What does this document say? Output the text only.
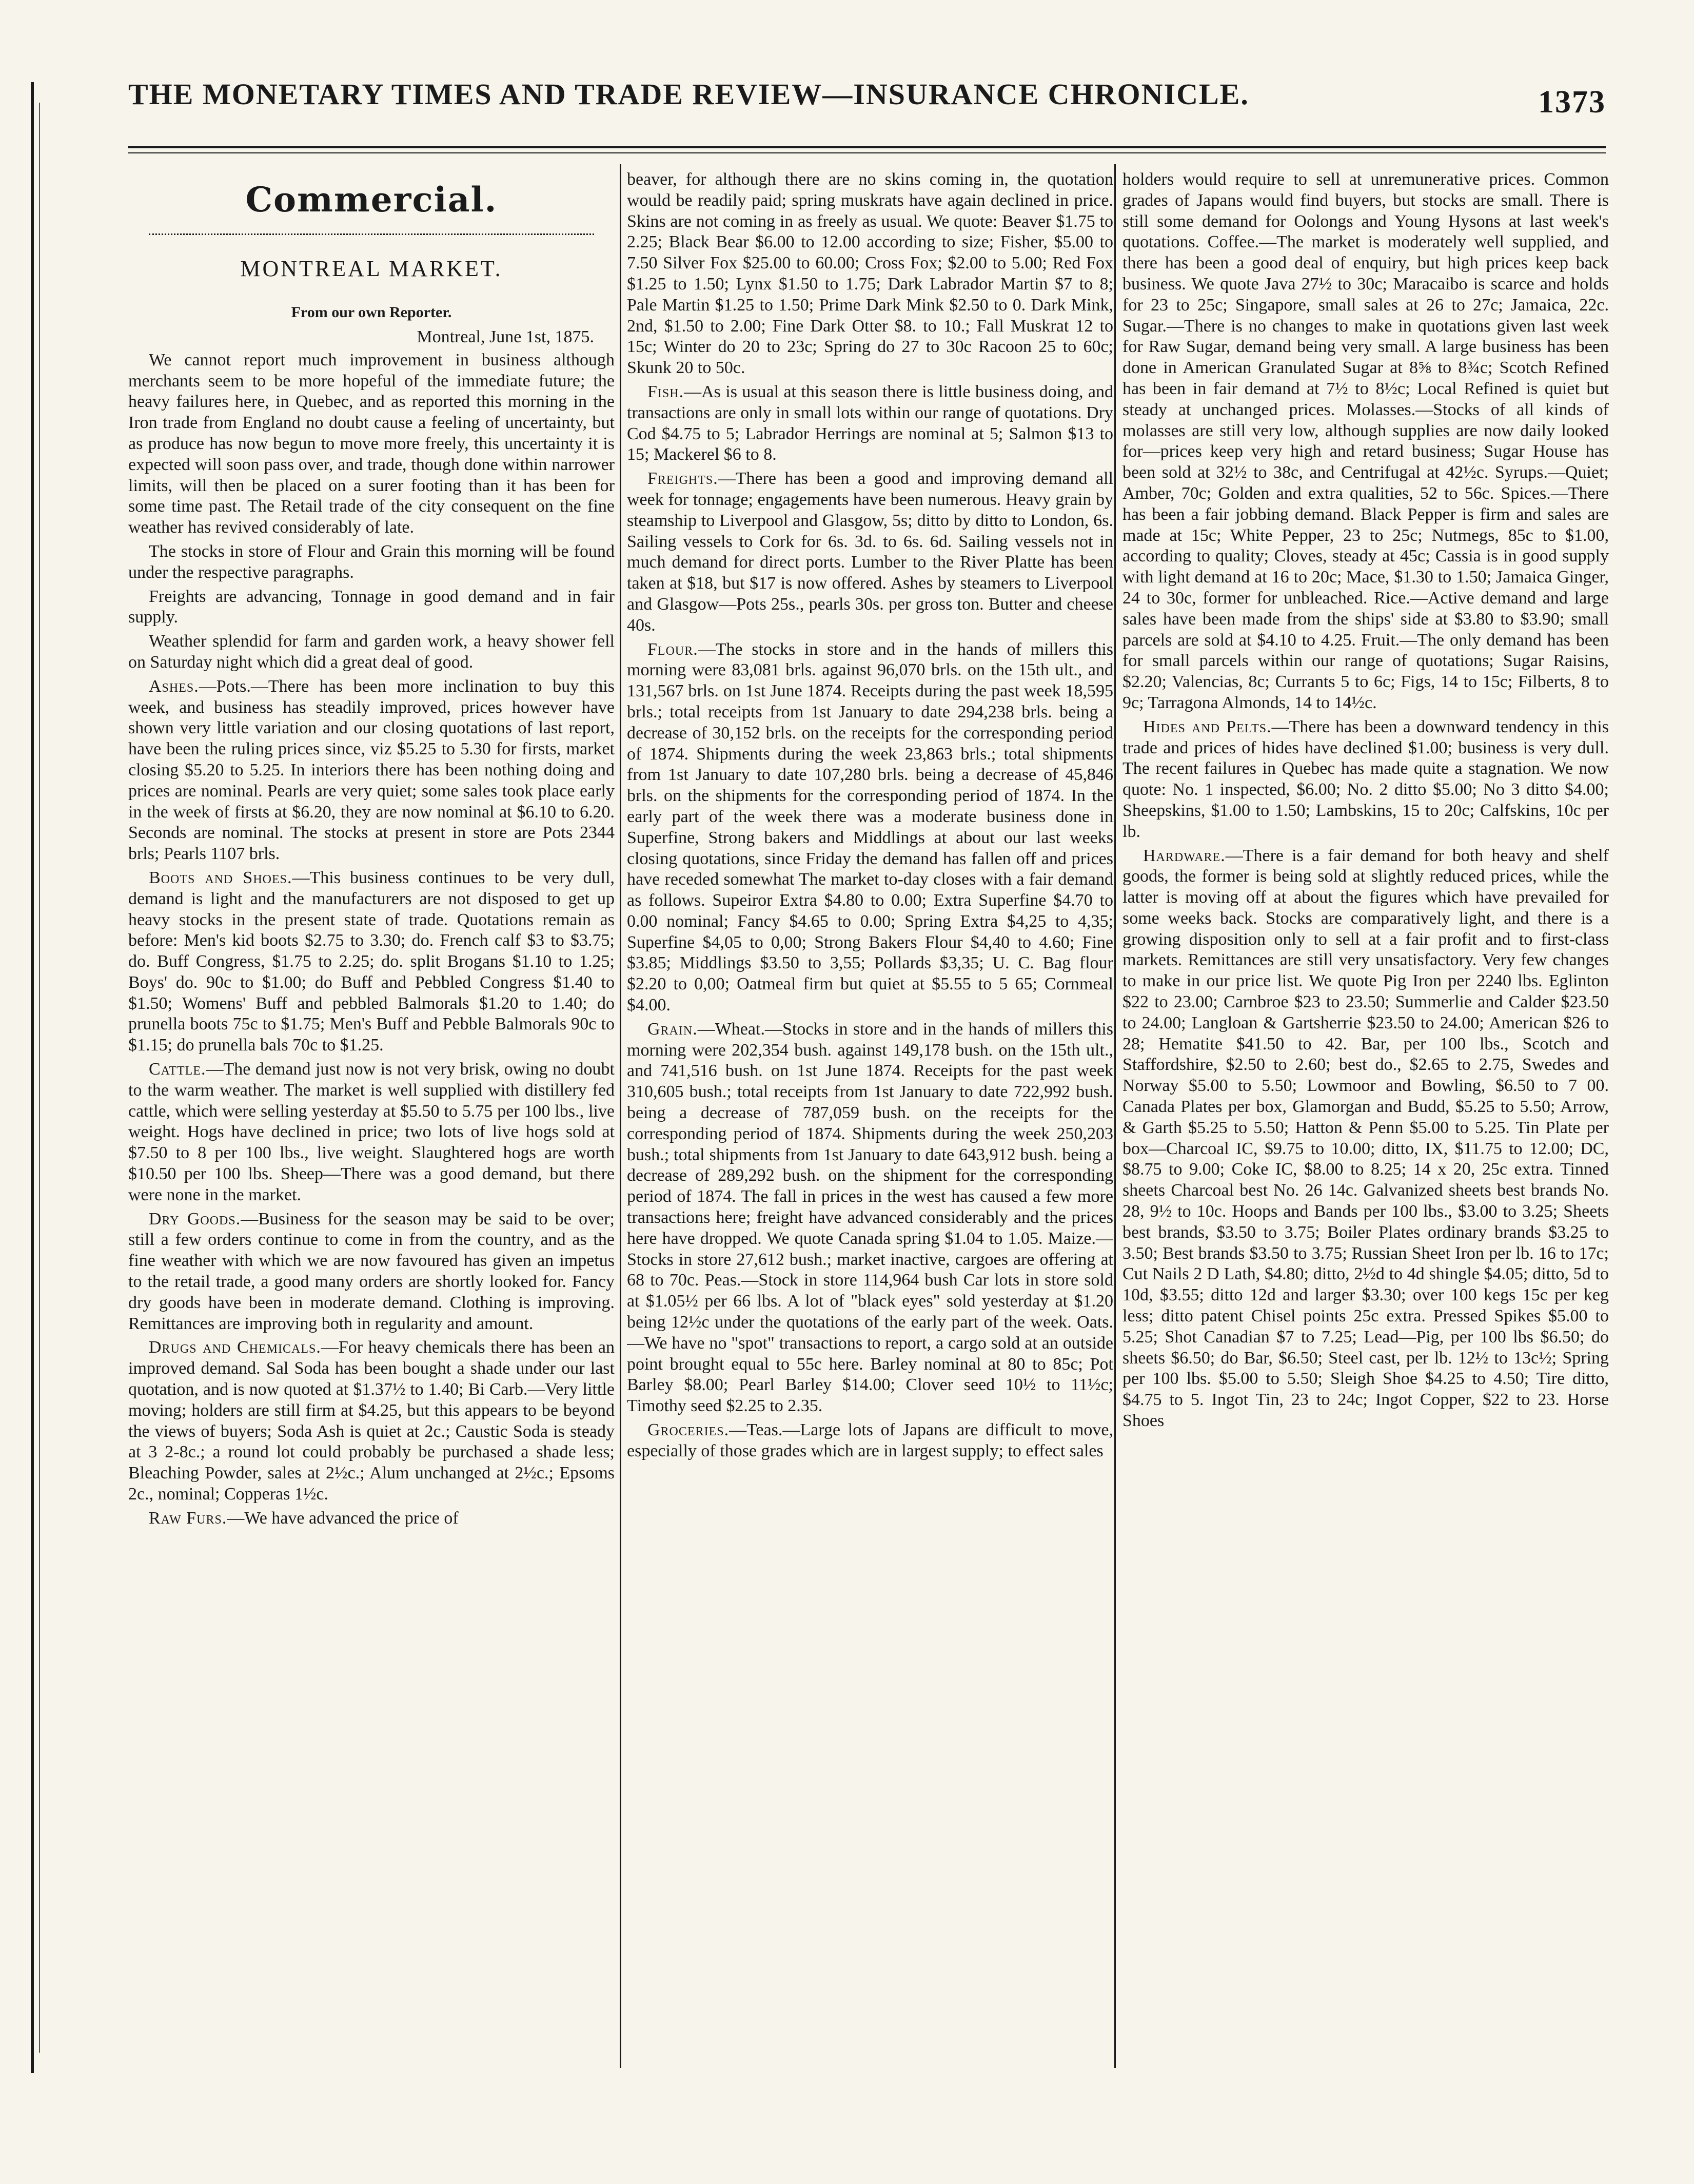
THE MONETARY TIMES AND TRADE REVIEW—INSURANCE CHRONICLE.	1373
Commercial.
MONTREAL MARKET.
From our own Reporter.
Montreal, June 1st, 1875.

We cannot report much improvement in business although merchants seem to be more hopeful of the immediate future; the heavy failures here, in Quebec, and as reported this morning in the Iron trade from England no doubt cause a feeling of uncertainty, but as produce has now begun to move more freely, this uncertainty it is expected will soon pass over, and trade, though done within narrower limits, will then be placed on a surer footing than it has been for some time past. The Retail trade of the city consequent on the fine weather has revived considerably of late.

The stocks in store of Flour and Grain this morning will be found under the respective paragraphs.

Freights are advancing, Tonnage in good demand and in fair supply.

Weather splendid for farm and garden work, a heavy shower fell on Saturday night which did a great deal of good.

Ashes.—Pots.—There has been more inclination to buy this week, and business has steadily improved, prices however have shown very little variation and our closing quotations of last report, have been the ruling prices since, viz $5.25 to 5.30 for firsts, market closing $5.20 to 5.25. In interiors there has been nothing doing and prices are nominal. Pearls are very quiet; some sales took place early in the week of firsts at $6.20, they are now nominal at $6.10 to 6.20. Seconds are nominal. The stocks at present in store are Pots 2344 brls; Pearls 1107 brls.

Boots and Shoes.—This business continues to be very dull, demand is light and the manufacturers are not disposed to get up heavy stocks in the present state of trade. Quotations remain as before: Men's kid boots $2.75 to 3.30; do. French calf $3 to $3.75; do. Buff Congress, $1.75 to 2.25; do. split Brogans $1.10 to 1.25; Boys' do. 90c to $1.00; do Buff and Pebbled Congress $1.40 to $1.50; Womens' Buff and pebbled Balmorals $1.20 to 1.40; do prunella boots 75c to $1.75; Men's Buff and Pebble Balmorals 90c to $1.15; do prunella bals 70c to $1.25.

Cattle.—The demand just now is not very brisk, owing no doubt to the warm weather. The market is well supplied with distillery fed cattle, which were selling yesterday at $5.50 to 5.75 per 100 lbs., live weight. Hogs have declined in price; two lots of live hogs sold at $7.50 to 8 per 100 lbs., live weight. Slaughtered hogs are worth $10.50 per 100 lbs. Sheep—There was a good demand, but there were none in the market.

Dry Goods.—Business for the season may be said to be over; still a few orders continue to come in from the country, and as the fine weather with which we are now favoured has given an impetus to the retail trade, a good many orders are shortly looked for. Fancy dry goods have been in moderate demand. Clothing is improving. Remittances are improving both in regularity and amount.

Drugs and Chemicals.—For heavy chemicals there has been an improved demand. Sal Soda has been bought a shade under our last quotation, and is now quoted at $1.37½ to 1.40; Bi Carb.—Very little moving; holders are still firm at $4.25, but this appears to be beyond the views of buyers; Soda Ash is quiet at 2c.; Caustic Soda is steady at 3 2-8c.; a round lot could probably be purchased a shade less; Bleaching Powder, sales at 2½c.; Alum unchanged at 2½c.; Epsoms 2c., nominal; Copperas 1½c.

Raw Furs.—We have advanced the price of

beaver, for although there are no skins coming in, the quotation would be readily paid; spring muskrats have again declined in price. Skins are not coming in as freely as usual. We quote: Beaver $1.75 to 2.25; Black Bear $6.00 to 12.00 according to size; Fisher, $5.00 to 7.50 Silver Fox $25.00 to 60.00; Cross Fox; $2.00 to 5.00; Red Fox $1.25 to 1.50; Lynx $1.50 to 1.75; Dark Labrador Martin $7 to 8; Pale Martin $1.25 to 1.50; Prime Dark Mink $2.50 to 0. Dark Mink, 2nd, $1.50 to 2.00; Fine Dark Otter $8. to 10.; Fall Muskrat 12 to 15c; Winter do 20 to 23c; Spring do 27 to 30c Racoon 25 to 60c; Skunk 20 to 50c.

Fish.—As is usual at this season there is little business doing, and transactions are only in small lots within our range of quotations. Dry Cod $4.75 to 5; Labrador Herrings are nominal at 5; Salmon $13 to 15; Mackerel $6 to 8.

Freights.—There has been a good and improving demand all week for tonnage; engagements have been numerous. Heavy grain by steamship to Liverpool and Glasgow, 5s; ditto by ditto to London, 6s. Sailing vessels to Cork for 6s. 3d. to 6s. 6d. Sailing vessels not in much demand for direct ports. Lumber to the River Platte has been taken at $18, but $17 is now offered. Ashes by steamers to Liverpool and Glasgow—Pots 25s., pearls 30s. per gross ton. Butter and cheese 40s.

Flour.—The stocks in store and in the hands of millers this morning were 83,081 brls. against 96,070 brls. on the 15th ult., and 131,567 brls. on 1st June 1874. Receipts during the past week 18,595 brls.; total receipts from 1st January to date 294,238 brls. being a decrease of 30,152 brls. on the receipts for the corresponding period of 1874. Shipments during the week 23,863 brls.; total shipments from 1st January to date 107,280 brls. being a decrease of 45,846 brls. on the shipments for the corresponding period of 1874. In the early part of the week there was a moderate business done in Superfine, Strong bakers and Middlings at about our last weeks closing quotations, since Friday the demand has fallen off and prices have receded somewhat The market to-day closes with a fair demand as follows. Supeiror Extra $4.80 to 0.00; Extra Superfine $4.70 to 0.00 nominal; Fancy $4.65 to 0.00; Spring Extra $4,25 to 4,35; Superfine $4,05 to 0,00; Strong Bakers Flour $4,40 to 4.60; Fine $3.85; Middlings $3.50 to 3,55; Pollards $3,35; U. C. Bag flour $2.20 to 0,00; Oatmeal firm but quiet at $5.55 to 5 65; Cornmeal $4.00.

Grain.—Wheat.—Stocks in store and in the hands of millers this morning were 202,354 bush. against 149,178 bush. on the 15th ult., and 741,516 bush. on 1st June 1874. Receipts for the past week 310,605 bush.; total receipts from 1st January to date 722,992 bush. being a decrease of 787,059 bush. on the receipts for the corresponding period of 1874. Shipments during the week 250,203 bush.; total shipments from 1st January to date 643,912 bush. being a decrease of 289,292 bush. on the shipment for the corresponding period of 1874. The fall in prices in the west has caused a few more transactions here; freight have advanced considerably and the prices here have dropped. We quote Canada spring $1.04 to 1.05. Maize.—Stocks in store 27,612 bush.; market inactive, cargoes are offering at 68 to 70c. Peas.—Stock in store 114,964 bush Car lots in store sold at $1.05½ per 66 lbs. A lot of "black eyes" sold yesterday at $1.20 being 12½c under the quotations of the early part of the week. Oats.—We have no "spot" transactions to report, a cargo sold at an outside point brought equal to 55c here. Barley nominal at 80 to 85c; Pot Barley $8.00; Pearl Barley $14.00; Clover seed 10½ to 11½c; Timothy seed $2.25 to 2.35.

Groceries.—Teas.—Large lots of Japans are difficult to move, especially of those grades which are in largest supply; to effect sales

holders would require to sell at unremunerative prices. Common grades of Japans would find buyers, but stocks are small. There is still some demand for Oolongs and Young Hysons at last week's quotations. Coffee.—The market is moderately well supplied, and there has been a good deal of enquiry, but high prices keep back business. We quote Java 27½ to 30c; Maracaibo is scarce and holds for 23 to 25c; Singapore, small sales at 26 to 27c; Jamaica, 22c. Sugar.—There is no changes to make in quotations given last week for Raw Sugar, demand being very small. A large business has been done in American Granulated Sugar at 8⅝ to 8¾c; Scotch Refined has been in fair demand at 7½ to 8½c; Local Refined is quiet but steady at unchanged prices. Molasses.—Stocks of all kinds of molasses are still very low, although supplies are now daily looked for—prices keep very high and retard business; Sugar House has been sold at 32½ to 38c, and Centrifugal at 42½c. Syrups.—Quiet; Amber, 70c; Golden and extra qualities, 52 to 56c. Spices.—There has been a fair jobbing demand. Black Pepper is firm and sales are made at 15c; White Pepper, 23 to 25c; Nutmegs, 85c to $1.00, according to quality; Cloves, steady at 45c; Cassia is in good supply with light demand at 16 to 20c; Mace, $1.30 to 1.50; Jamaica Ginger, 24 to 30c, former for unbleached. Rice.—Active demand and large sales have been made from the ships' side at $3.80 to $3.90; small parcels are sold at $4.10 to 4.25. Fruit.—The only demand has been for small parcels within our range of quotations; Sugar Raisins, $2.20; Valencias, 8c; Currants 5 to 6c; Figs, 14 to 15c; Filberts, 8 to 9c; Tarragona Almonds, 14 to 14½c.

Hides and Pelts.—There has been a downward tendency in this trade and prices of hides have declined $1.00; business is very dull. The recent failures in Quebec has made quite a stagnation. We now quote: No. 1 inspected, $6.00; No. 2 ditto $5.00; No 3 ditto $4.00; Sheepskins, $1.00 to 1.50; Lambskins, 15 to 20c; Calfskins, 10c per lb.

Hardware.—There is a fair demand for both heavy and shelf goods, the former is being sold at slightly reduced prices, while the latter is moving off at about the figures which have prevailed for some weeks back. Stocks are comparatively light, and there is a growing disposition only to sell at a fair profit and to first-class markets. Remittances are still very unsatisfactory. Very few changes to make in our price list. We quote Pig Iron per 2240 lbs. Eglinton $22 to 23.00; Carnbroe $23 to 23.50; Summerlie and Calder $23.50 to 24.00; Langloan & Gartsherrie $23.50 to 24.00; American $26 to 28; Hematite $41.50 to 42. Bar, per 100 lbs., Scotch and Staffordshire, $2.50 to 2.60; best do., $2.65 to 2.75, Swedes and Norway $5.00 to 5.50; Lowmoor and Bowling, $6.50 to 7 00. Canada Plates per box, Glamorgan and Budd, $5.25 to 5.50; Arrow, & Garth $5.25 to 5.50; Hatton & Penn $5.00 to 5.25. Tin Plate per box—Charcoal IC, $9.75 to 10.00; ditto, IX, $11.75 to 12.00; DC, $8.75 to 9.00; Coke IC, $8.00 to 8.25; 14 x 20, 25c extra. Tinned sheets Charcoal best No. 26 14c. Galvanized sheets best brands No. 28, 9½ to 10c. Hoops and Bands per 100 lbs., $3.00 to 3.25; Sheets best brands, $3.50 to 3.75; Boiler Plates ordinary brands $3.25 to 3.50; Best brands $3.50 to 3.75; Russian Sheet Iron per lb. 16 to 17c; Cut Nails 2 D Lath, $4.80; ditto, 2½d to 4d shingle $4.05; ditto, 5d to 10d, $3.55; ditto 12d and larger $3.30; over 100 kegs 15c per keg less; ditto patent Chisel points 25c extra. Pressed Spikes $5.00 to 5.25; Shot Canadian $7 to 7.25; Lead—Pig, per 100 lbs $6.50; do sheets $6.50; do Bar, $6.50; Steel cast, per lb. 12½ to 13c½; Spring per 100 lbs. $5.00 to 5.50; Sleigh Shoe $4.25 to 4.50; Tire ditto, $4.75 to 5. Ingot Tin, 23 to 24c; Ingot Copper, $22 to 23. Horse Shoes
